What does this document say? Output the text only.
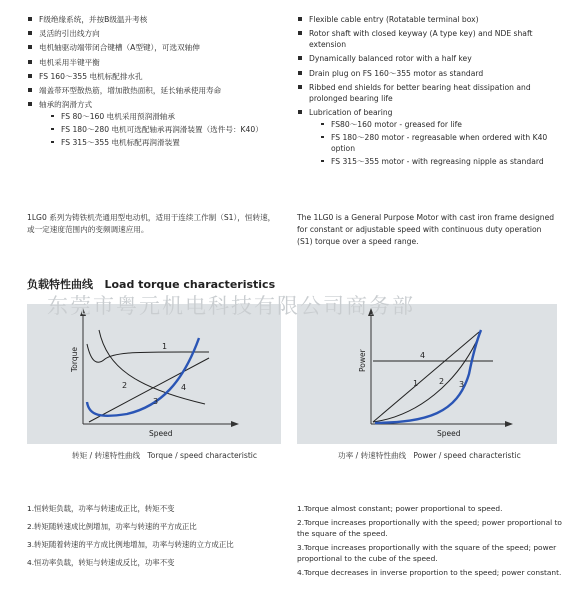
F级绝缘系统，并按B级温升考核
灵活的引出线方向
电机轴驱动端带闭合键槽（A型键），可选双轴伸
电机采用半键平衡
FS 160～355 电机标配排水孔
端盖带环型散热筋，增加散热面积，延长轴承使用寿命
轴承的润滑方式
FS 80～160 电机采用预润滑轴承
FS 180～280 电机可选配轴承再润滑装置（选件号：K40）
FS 315～355 电机标配再润滑装置
Flexible cable entry (Rotatable terminal box)
Rotor shaft with closed keyway (A type key) and NDE shaft extension
Dynamically balanced rotor with a half key
Drain plug on FS 160～355 motor as standard
Ribbed end shields for better bearing heat dissipation and prolonged bearing life
Lubrication of bearing
FS80～160 motor - greased for life
FS 180～280 motor - regreasable when ordered with K40 option
FS 315～355 motor - with regreasing nipple as standard
1LG0 系列为铸铁机壳通用型电动机，适用于连续工作制（S1），恒转速，或一定速度范围内的变频调速应用。
The 1LG0 is a General Purpose Motor with cast iron frame designed for constant or adjustable speed with continuous duty operation (S1) torque over a speed range.
负载特性曲线   Load torque characteristics
1
2
3
4
Torque
Speed
4
1	2 3
Power
Speed
东莞市粤元机电科技有限公司商务部
转矩 / 转速特性曲线   Torque / speed characteristic	功率 / 转速特性曲线   Power / speed characteristic
1.恒转矩负载，功率与转速成正比，转矩不变
2.转矩随转速成比例增加，功率与转速的平方成正比
3.转矩随着转速的平方成比例地增加，功率与转速的立方成正比
4.恒功率负载，转矩与转速成反比，功率不变
1.Torque almost constant; power proportional to speed.
2.Torque increases proportionally with the speed; power proportional to the square of the speed.
3.Torque increases proportionally with the square of the speed; power proportional to the cube of the speed.
4.Torque decreases in inverse proportion to the speed; power constant.
